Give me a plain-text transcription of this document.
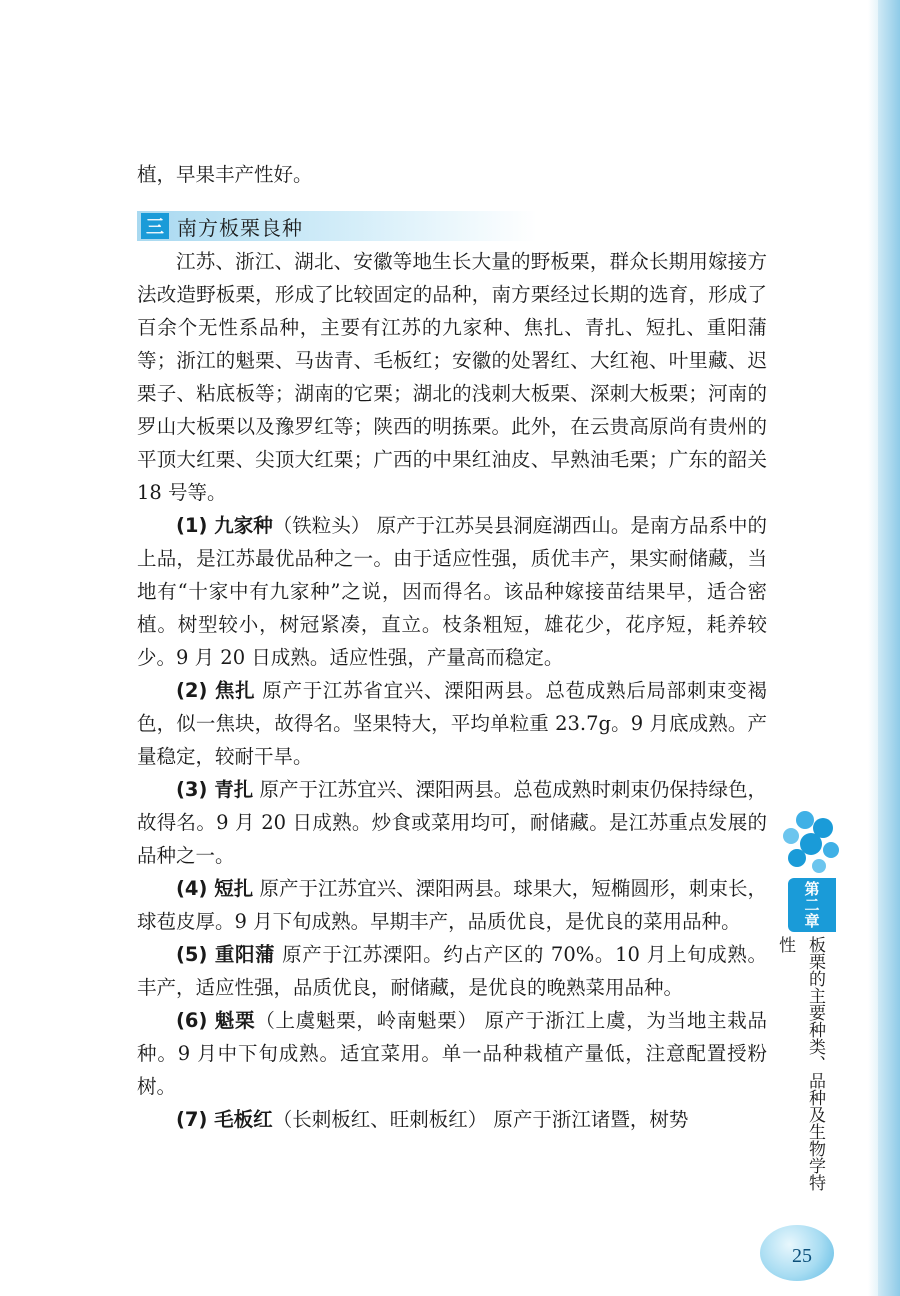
植，早果丰产性好。

三 南方板栗良种

江苏、浙江、湖北、安徽等地生长大量的野板栗，群众长期用嫁接方法改造野板栗，形成了比较固定的品种，南方栗经过长期的选育，形成了百余个无性系品种，主要有江苏的九家种、焦扎、青扎、短扎、重阳蒲等；浙江的魁栗、马齿青、毛板红；安徽的处署红、大红袍、叶里藏、迟栗子、粘底板等；湖南的它栗；湖北的浅刺大板栗、深刺大板栗；河南的罗山大板栗以及豫罗红等；陕西的明拣栗。此外，在云贵高原尚有贵州的平顶大红栗、尖顶大红栗；广西的中果红油皮、早熟油毛栗；广东的韶关 18 号等。

(1) 九家种（铁粒头） 原产于江苏吴县洞庭湖西山。是南方品系中的上品，是江苏最优品种之一。由于适应性强，质优丰产，果实耐储藏，当地有“十家中有九家种”之说，因而得名。该品种嫁接苗结果早，适合密植。树型较小，树冠紧凑，直立。枝条粗短，雄花少，花序短，耗养较少。9 月 20 日成熟。适应性强，产量高而稳定。

(2) 焦扎 原产于江苏省宜兴、溧阳两县。总苞成熟后局部刺束变褐色，似一焦块，故得名。坚果特大，平均单粒重 23.7g。9 月底成熟。产量稳定，较耐干旱。

(3) 青扎 原产于江苏宜兴、溧阳两县。总苞成熟时刺束仍保持绿色，故得名。9 月 20 日成熟。炒食或菜用均可，耐储藏。是江苏重点发展的品种之一。

(4) 短扎 原产于江苏宜兴、溧阳两县。球果大，短椭圆形，刺束长，球苞皮厚。9 月下旬成熟。早期丰产，品质优良，是优良的菜用品种。

(5) 重阳蒲 原产于江苏溧阳。约占产区的 70%。10 月上旬成熟。丰产，适应性强，品质优良，耐储藏，是优良的晚熟菜用品种。

(6) 魁栗（上虞魁栗，岭南魁栗） 原产于浙江上虞，为当地主栽品种。9 月中下旬成熟。适宜菜用。单一品种栽植产量低，注意配置授粉树。

(7) 毛板红（长刺板红、旺刺板红） 原产于浙江诸暨，树势

第二章
板栗的主要种类、品种及生物学特性
25
